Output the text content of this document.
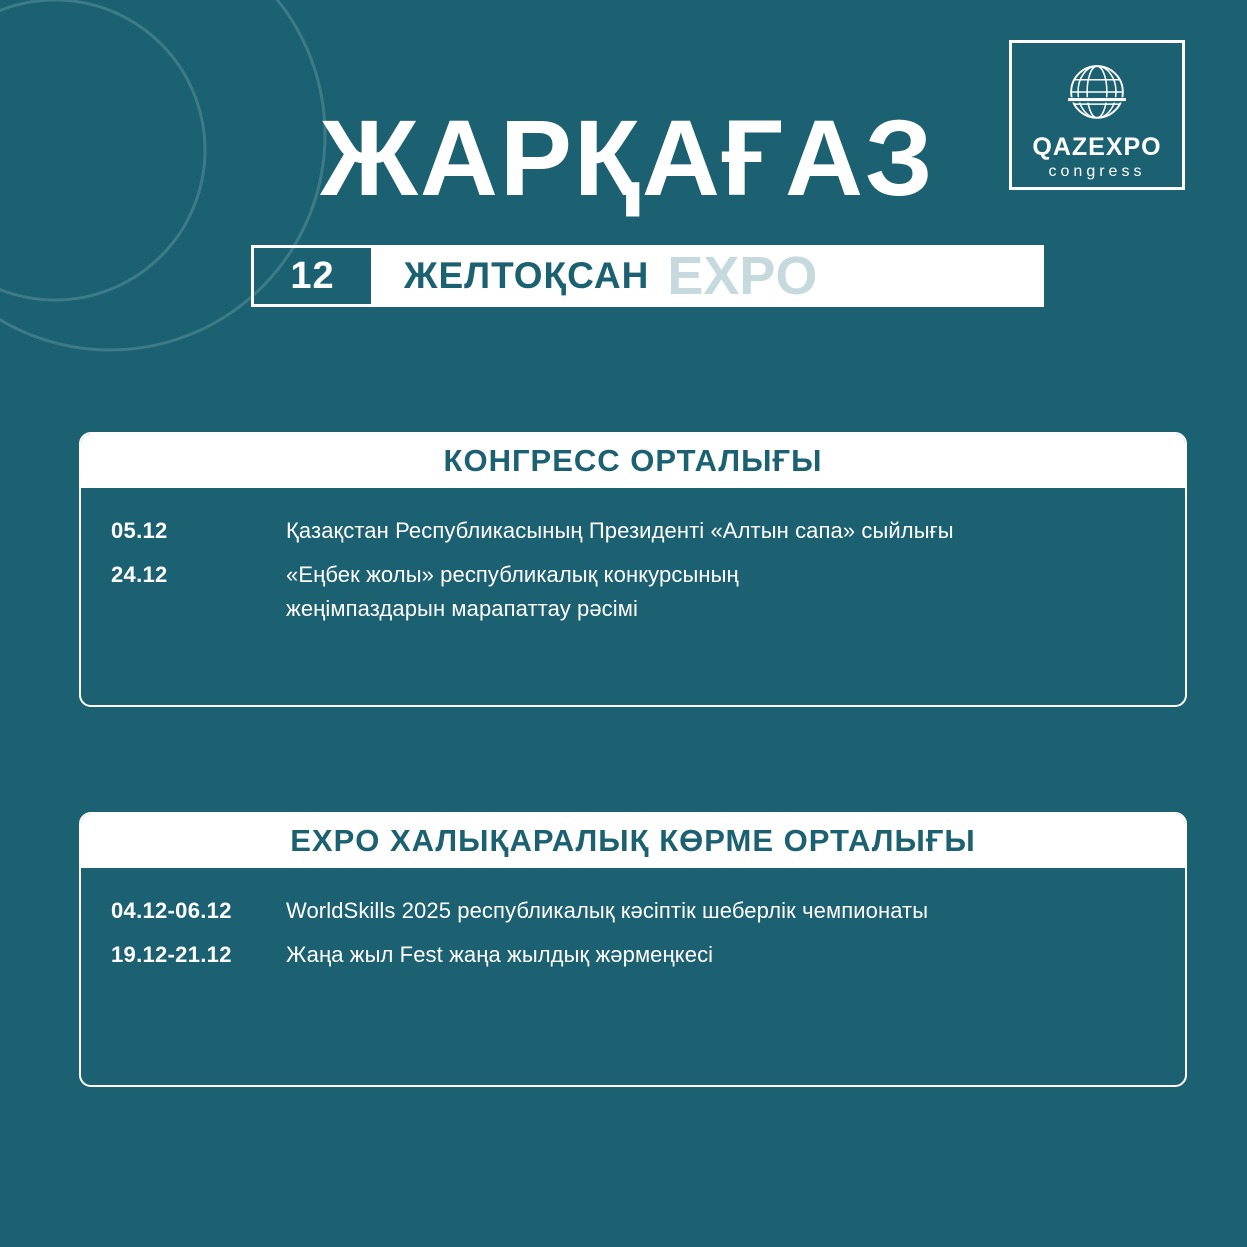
QAZEXPO
congress
ЖАРҚАҒАЗ
12	ЖЕЛТОҚСАН EXPO
КОНГРЕСС ОРТАЛЫҒЫ
05.12	Қазақстан Республикасының Президенті «Алтын сапа» сыйлығы
24.12	«Еңбек жолы» республикалық конкурсының
жеңімпаздарын марапаттау рәсімі
EXPO ХАЛЫҚАРАЛЫҚ КӨРМЕ ОРТАЛЫҒЫ
04.12-06.12	WorldSkills 2025 республикалық кәсіптік шеберлік чемпионаты
19.12-21.12	Жаңа жыл Fest жаңа жылдық жәрмеңкесі
